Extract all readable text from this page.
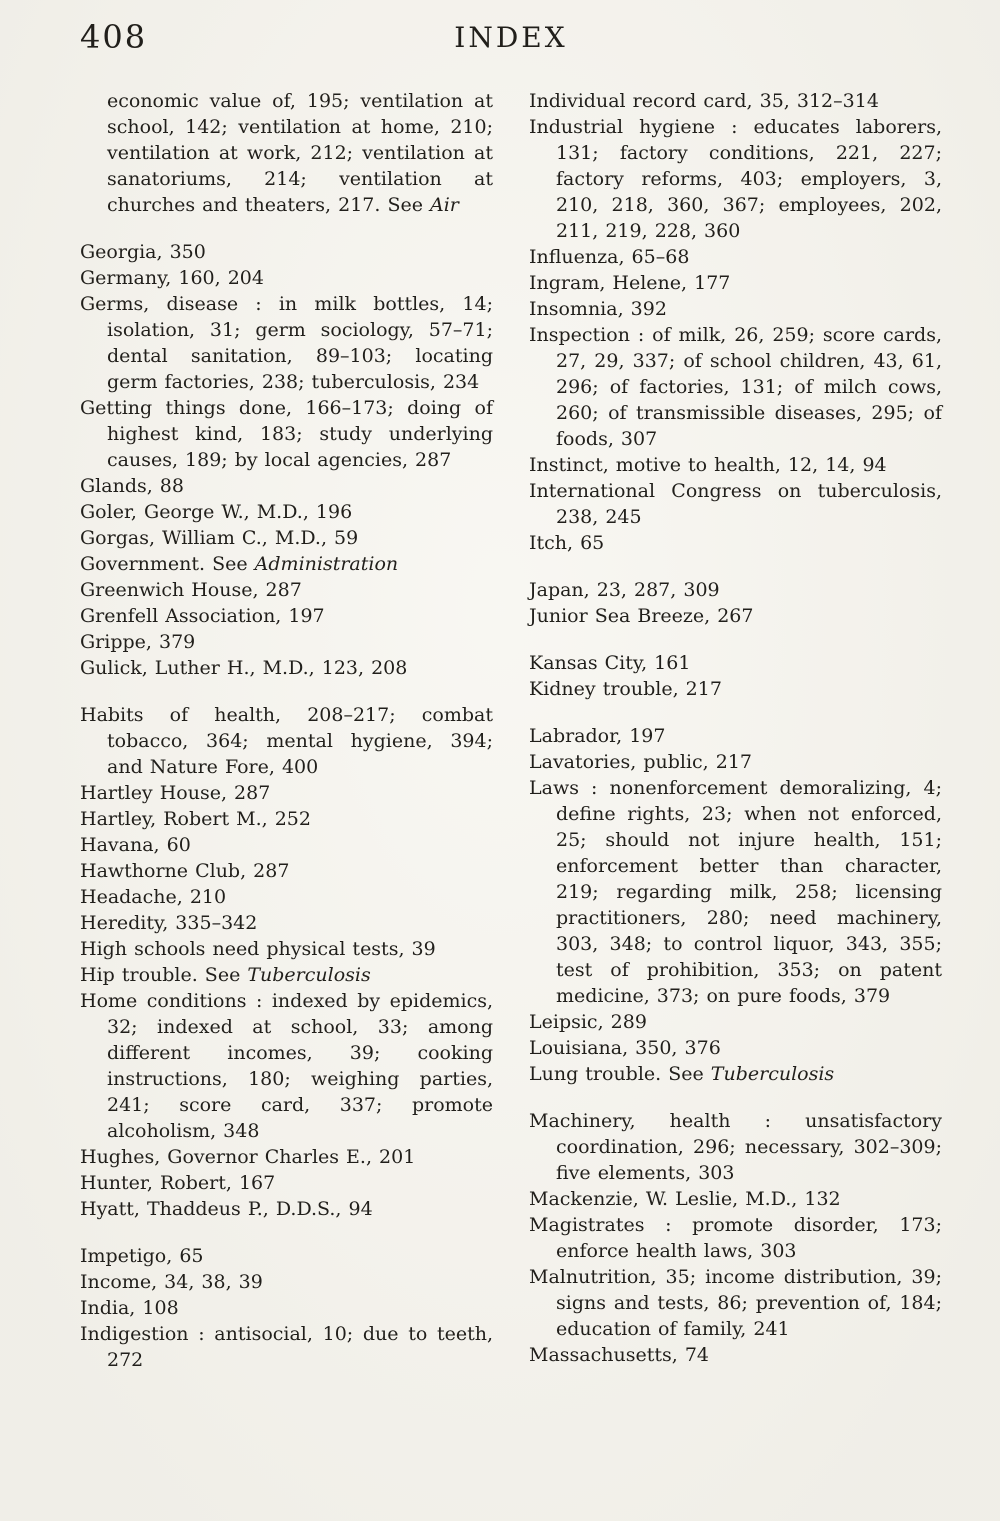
408	INDEX

economic value of, 195; ventilation at school, 142; ventilation at home, 210; ventilation at work, 212; ventilation at sanatoriums, 214; ventilation at churches and theaters, 217. See Air

Georgia, 350

Germany, 160, 204

Germs, disease : in milk bottles, 14; isolation, 31; germ sociology, 57–71; dental sanitation, 89–103; locating germ factories, 238; tuberculosis, 234

Getting things done, 166–173; doing of highest kind, 183; study underlying causes, 189; by local agencies, 287

Glands, 88

Goler, George W., M.D., 196

Gorgas, William C., M.D., 59

Government. See Administration

Greenwich House, 287

Grenfell Association, 197

Grippe, 379

Gulick, Luther H., M.D., 123, 208

Habits of health, 208–217; combat tobacco, 364; mental hygiene, 394; and Nature Fore, 400

Hartley House, 287

Hartley, Robert M., 252

Havana, 60

Hawthorne Club, 287

Headache, 210

Heredity, 335–342

High schools need physical tests, 39

Hip trouble. See Tuberculosis

Home conditions : indexed by epidemics, 32; indexed at school, 33; among different incomes, 39; cooking instructions, 180; weighing parties, 241; score card, 337; promote alcoholism, 348

Hughes, Governor Charles E., 201

Hunter, Robert, 167

Hyatt, Thaddeus P., D.D.S., 94

Impetigo, 65

Income, 34, 38, 39

India, 108

Indigestion : antisocial, 10; due to teeth, 272

Individual record card, 35, 312–314

Industrial hygiene : educates laborers, 131; factory conditions, 221, 227; factory reforms, 403; employers, 3, 210, 218, 360, 367; employees, 202, 211, 219, 228, 360

Influenza, 65–68

Ingram, Helene, 177

Insomnia, 392

Inspection : of milk, 26, 259; score cards, 27, 29, 337; of school children, 43, 61, 296; of factories, 131; of milch cows, 260; of transmissible diseases, 295; of foods, 307

Instinct, motive to health, 12, 14, 94

International Congress on tuberculosis, 238, 245

Itch, 65

Japan, 23, 287, 309

Junior Sea Breeze, 267

Kansas City, 161

Kidney trouble, 217

Labrador, 197

Lavatories, public, 217

Laws : nonenforcement demoralizing, 4; define rights, 23; when not enforced, 25; should not injure health, 151; enforcement better than character, 219; regarding milk, 258; licensing practitioners, 280; need machinery, 303, 348; to control liquor, 343, 355; test of prohibition, 353; on patent medicine, 373; on pure foods, 379

Leipsic, 289

Louisiana, 350, 376

Lung trouble. See Tuberculosis

Machinery, health : unsatisfactory coordination, 296; necessary, 302–309; five elements, 303

Mackenzie, W. Leslie, M.D., 132

Magistrates : promote disorder, 173; enforce health laws, 303

Malnutrition, 35; income distribution, 39; signs and tests, 86; prevention of, 184; education of family, 241

Massachusetts, 74
